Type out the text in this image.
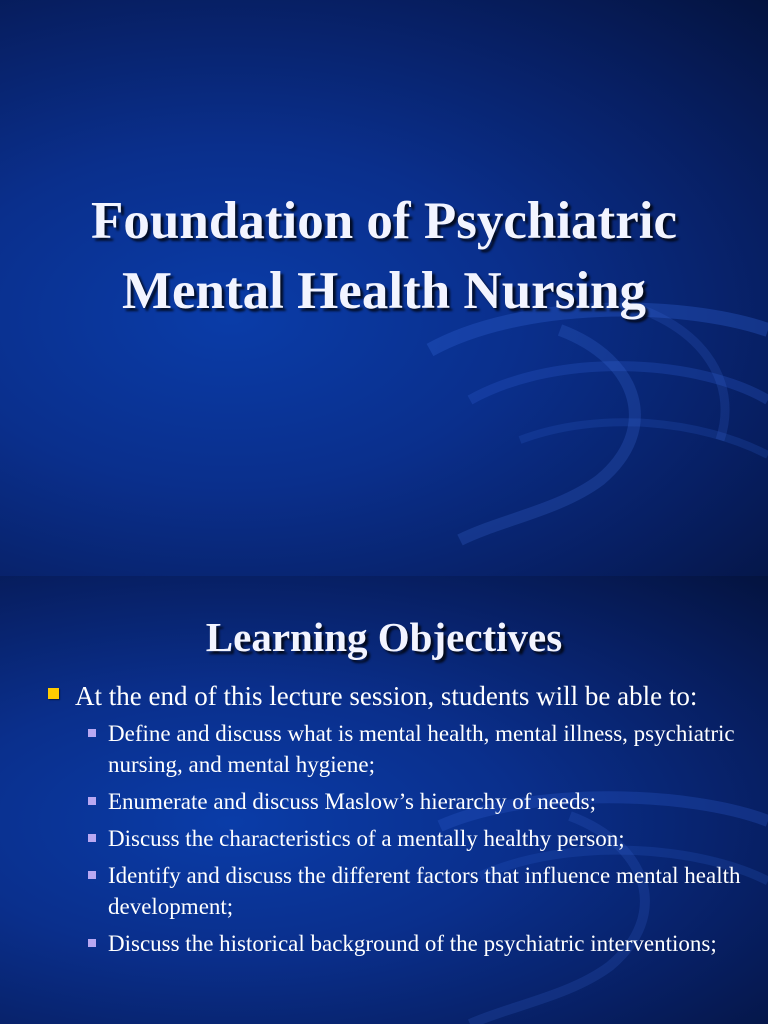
Foundation of Psychiatric
Mental Health Nursing
Learning Objectives
At the end of this lecture session, students will be able to:
Define and discuss what is mental health, mental illness, psychiatric nursing, and mental hygiene;
Enumerate and discuss Maslow’s hierarchy of needs;
Discuss the characteristics of a mentally healthy person;
Identify and discuss the different factors that influence mental health development;
Discuss the historical background of the psychiatric interventions;
